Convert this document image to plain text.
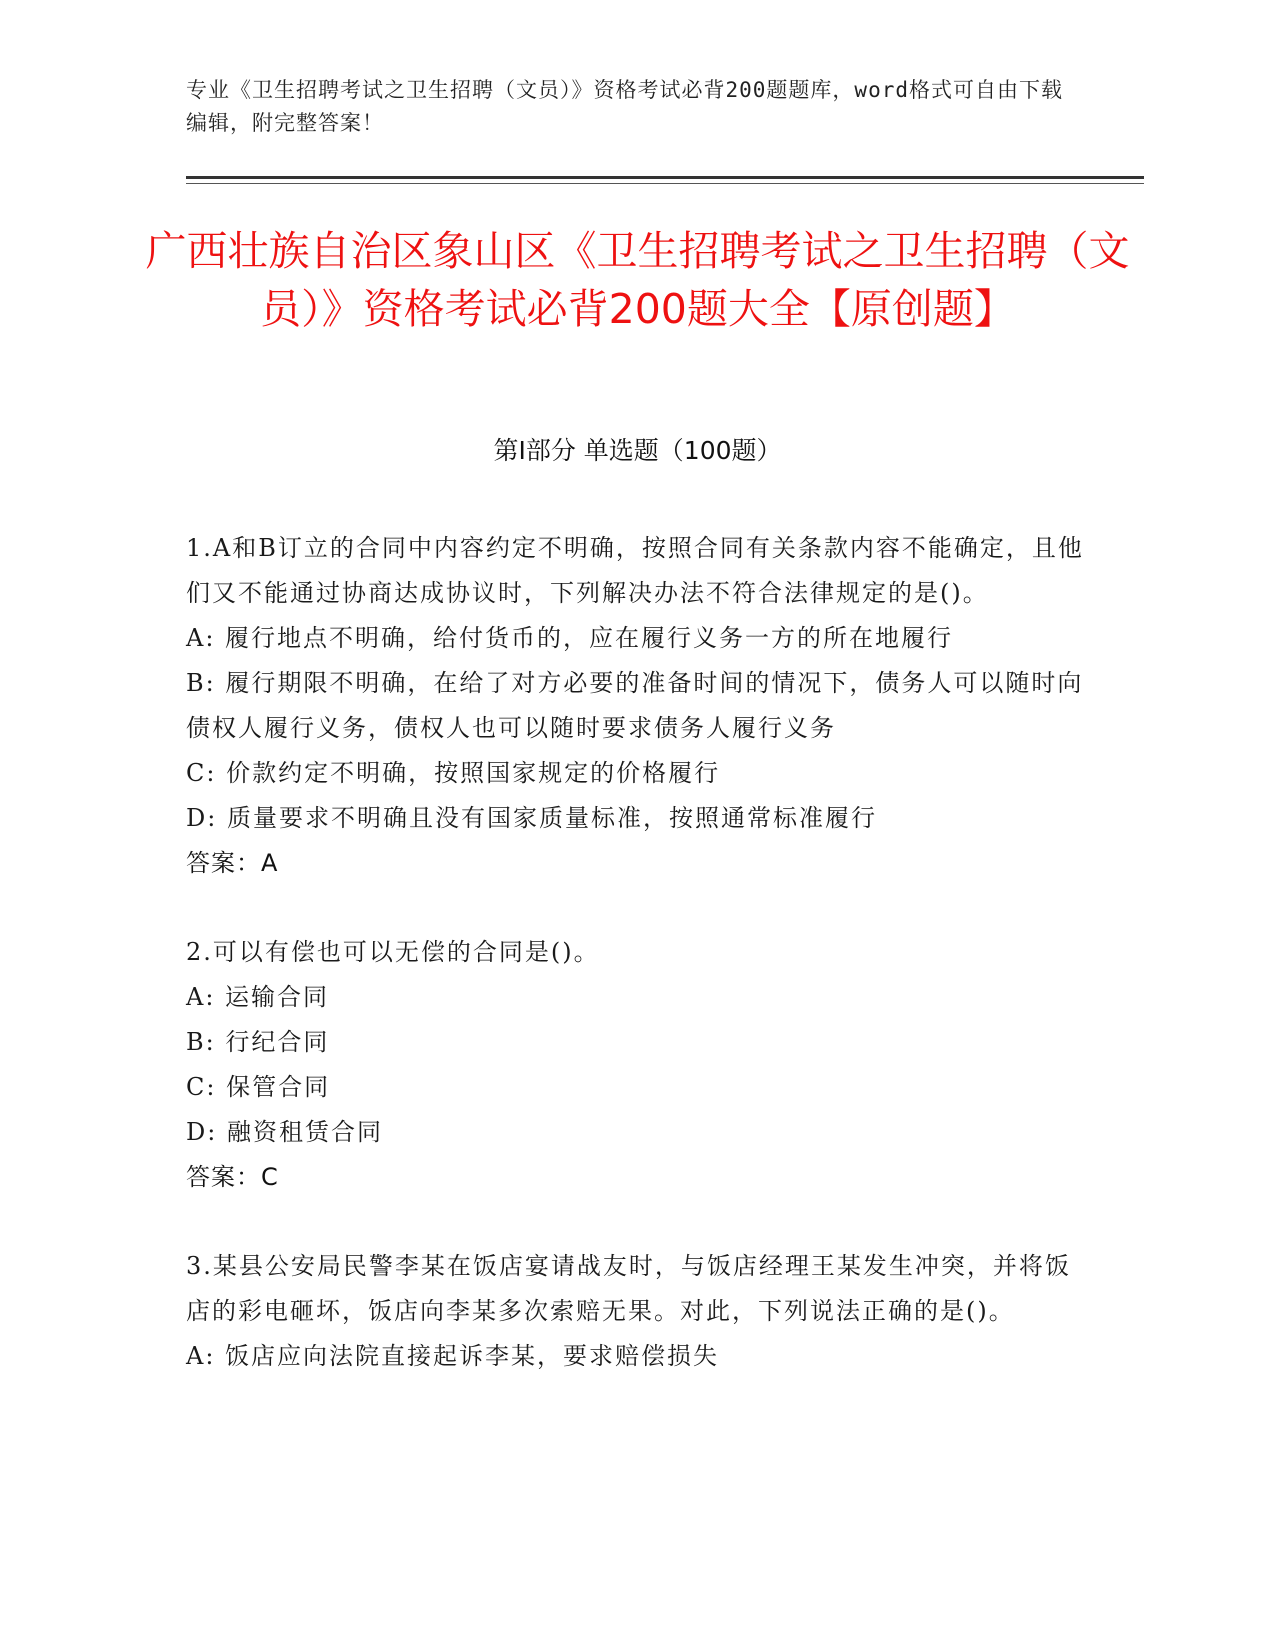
专业《卫生招聘考试之卫生招聘（文员）》资格考试必背200题题库，word格式可自由下载编辑，附完整答案！
广西壮族自治区象山区《卫生招聘考试之卫生招聘（文员）》资格考试必背200题大全【原创题】
第I部分 单选题（100题）

1.A和B订立的合同中内容约定不明确，按照合同有关条款内容不能确定，且他们又不能通过协商达成协议时，下列解决办法不符合法律规定的是()。

A: 履行地点不明确，给付货币的，应在履行义务一方的所在地履行

B: 履行期限不明确，在给了对方必要的准备时间的情况下，债务人可以随时向债权人履行义务，债权人也可以随时要求债务人履行义务

C: 价款约定不明确，按照国家规定的价格履行

D: 质量要求不明确且没有国家质量标准，按照通常标准履行

答案：A

2.可以有偿也可以无偿的合同是()。

A: 运输合同

B: 行纪合同

C: 保管合同

D: 融资租赁合同

答案：C

3.某县公安局民警李某在饭店宴请战友时，与饭店经理王某发生冲突，并将饭店的彩电砸坏，饭店向李某多次索赔无果。对此，下列说法正确的是()。

A: 饭店应向法院直接起诉李某，要求赔偿损失
